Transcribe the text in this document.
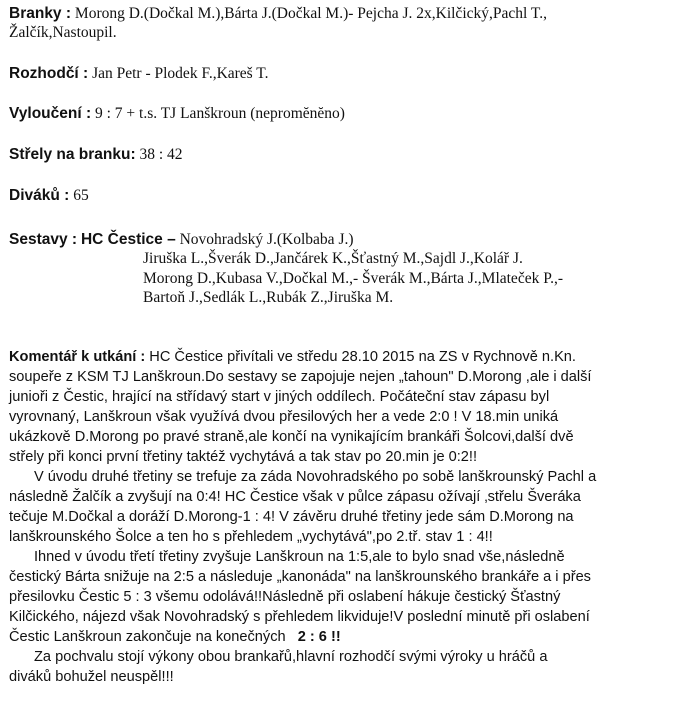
Branky : Morong D.(Dočkal M.),Bárta J.(Dočkal M.)- Pejcha J. 2x,Kilčický,Pachl T.,
Žalčík,Nastoupil.
Rozhodčí : Jan Petr - Plodek F.,Kareš T.
Vyloučení : 9 : 7 + t.s. TJ Lanškroun (nepromĕnĕno)
Střely na branku: 38 : 42
Diváků : 65
Sestavy : HC Čestice – Novohradský J.(Kolbaba J.)
Jiruška L.,Šverák D.,Jančárek K.,Šťastný M.,Sajdl J.,Kolář J.
Morong D.,Kubasa V.,Dočkal M.,- Šverák M.,Bárta J.,Mlateček P.,-
Bartoň J.,Sedlák L.,Rubák Z.,Jiruška M.
Komentář k utkání : HC Čestice přivítali ve středu 28.10 2015 na ZS v Rychnově n.Kn.
soupeře z KSM TJ Lanškroun.Do sestavy se zapojuje nejen „tahoun" D.Morong ,ale i další
junioři z Čestic, hrající na střídavý start v jiných oddílech. Počáteční stav zápasu byl
vyrovnaný, Lanškroun však využívá dvou přesilových her a vede 2:0 ! V 18.min uniká
ukázkově D.Morong po pravé straně,ale končí na vynikajícím brankáři Šolcovi,další dvě
střely při konci první třetiny taktéž vychytává a tak stav po 20.min je 0:2!!
V úvodu druhé třetiny se trefuje za záda Novohradského po sobě lanškrounský Pachl a
následně Žalčík a zvyšují na 0:4! HC Čestice však v půlce zápasu ožívají ‚střelu Šveráka
tečuje M.Dočkal a doráží D.Morong-1 : 4! V závěru druhé třetiny jede sám D.Morong na
lanškrounského Šolce a ten ho s přehledem „vychytává",po 2.tř. stav 1 : 4!!
Ihned v úvodu třetí třetiny zvyšuje Lanškroun na 1:5,ale to bylo snad vše,následně
čestický Bárta snižuje na 2:5 a následuje „kanonáda" na lanškrounského brankáře a i přes
přesilovku Čestic 5 : 3 všemu odolává!!Následně při oslabení hákuje čestický Šťastný
Kilčického, nájezd však Novohradský s přehledem likviduje!V poslední minutě při oslabení
Čestic Lanškroun zakončuje na konečných 2 : 6 !!
Za pochvalu stojí výkony obou brankařů,hlavní rozhodčí svými výroky u hráčů a
diváků bohužel neuspěl!!!
